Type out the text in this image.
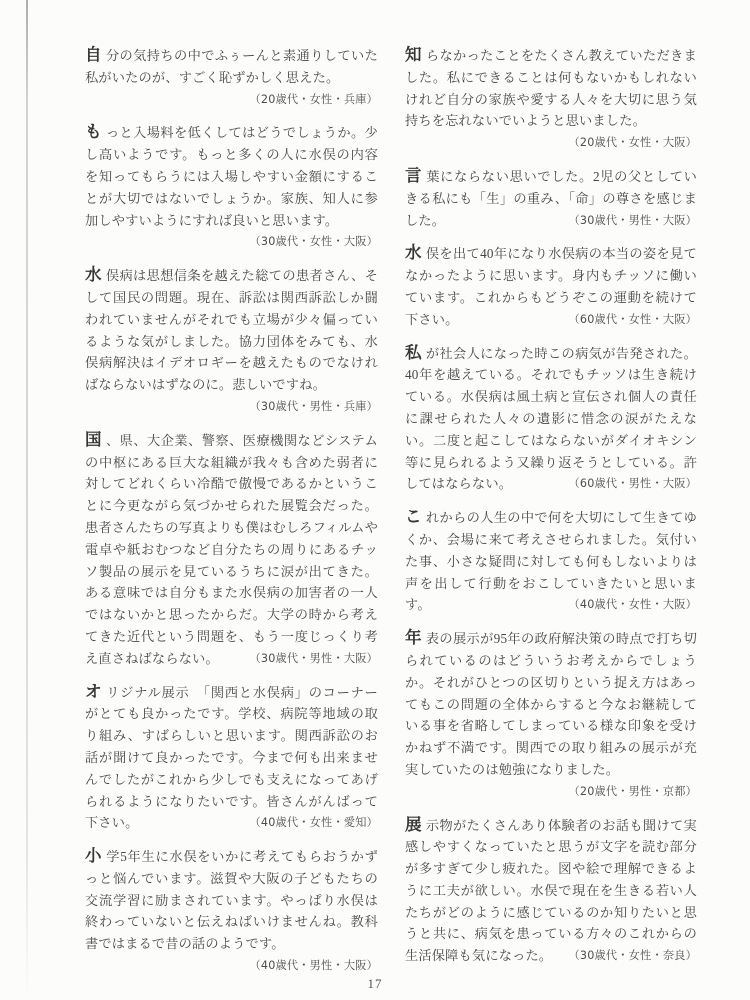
自 分の気持ちの中でふぅーんと素通りしていた私がいたのが、すごく恥ずかしく思えた。
（20歳代・女性・兵庫）

も っと入場料を低くしてはどうでしょうか。少し高いようです。もっと多くの人に水俣の内容を知ってもらうには入場しやすい金額にすることが大切ではないでしょうか。家族、知人に参加しやすいようにすれば良いと思います。
（30歳代・女性・大阪）

水 俣病は思想信条を越えた総ての患者さん、そして国民の問題。現在、訴訟は関西訴訟しか闘われていませんがそれでも立場が少々偏っているような気がしました。協力団体をみても、水俣病解決はイデオロギーを越えたものでなければならないはずなのに。悲しいですね。
（30歳代・男性・兵庫）

国 、県、大企業、警察、医療機関などシステムの中枢にある巨大な組織が我々も含めた弱者に対してどれくらい冷酷で傲慢であるかということに今更ながら気づかせられた展覧会だった。患者さんたちの写真よりも僕はむしろフィルムや電卓や紙おむつなど自分たちの周りにあるチッソ製品の展示を見ているうちに涙が出てきた。ある意味では自分もまた水俣病の加害者の一人ではないかと思ったからだ。大学の時から考えてきた近代という問題を、もう一度じっくり考え直さねばならない。	（30歳代・男性・大阪）

オ リジナル展示　「関西と水俣病」のコーナーがとても良かったです。学校、病院等地域の取り組み、すばらしいと思います。関西訴訟のお話が聞けて良かったです。今まで何も出来ませんでしたがこれから少しでも支えになってあげられるようになりたいです。皆さんがんばって下さい。	（40歳代・女性・愛知）

小 学5年生に水俣をいかに考えてもらおうかずっと悩んでいます。滋賀や大阪の子どもたちの交流学習に励まされています。やっぱり水俣は終わっていないと伝えねばいけませんね。教科書ではまるで昔の話のようです。
（40歳代・男性・大阪）

知 らなかったことをたくさん教えていただきました。私にできることは何もないかもしれないけれど自分の家族や愛する人々を大切に思う気持ちを忘れないでいようと思いました。
（20歳代・女性・大阪）

言 葉にならない思いでした。2児の父としていきる私にも「生」の重み、「命」の尊さを感じました。	（30歳代・男性・大阪）

水 俣を出て40年になり水俣病の本当の姿を見てなかったように思います。身内もチッソに働いています。これからもどうぞこの運動を続けて下さい。	（60歳代・女性・大阪）

私 が社会人になった時この病気が告発された。40年を越えている。それでもチッソは生き続けている。水俣病は風土病と宣伝され個人の責任に課せられた人々の遺影に惜念の涙がたえない。二度と起こしてはならないがダイオキシン等に見られるよう又繰り返そうとしている。許してはならない。	（60歳代・男性・大阪）

こ れからの人生の中で何を大切にして生きてゆくか、会場に来て考えさせられました。気付いた事、小さな疑問に対しても何もしないよりは声を出して行動をおこしていきたいと思います。	（40歳代・女性・大阪）

年 表の展示が95年の政府解決策の時点で打ち切られているのはどういうお考えからでしょうか。それがひとつの区切りという捉え方はあってもこの問題の全体からすると今なお継続している事を省略してしまっている様な印象を受けかねず不満です。関西での取り組みの展示が充実していたのは勉強になりました。
（20歳代・男性・京都）

展 示物がたくさんあり体験者のお話も聞けて実感しやすくなっていたと思うが文字を読む部分が多すぎて少し疲れた。図や絵で理解できるように工夫が欲しい。水俣で現在を生きる若い人たちがどのように感じているのか知りたいと思うと共に、病気を患っている方々のこれからの生活保障も気になった。 （30歳代・女性・奈良）

17
